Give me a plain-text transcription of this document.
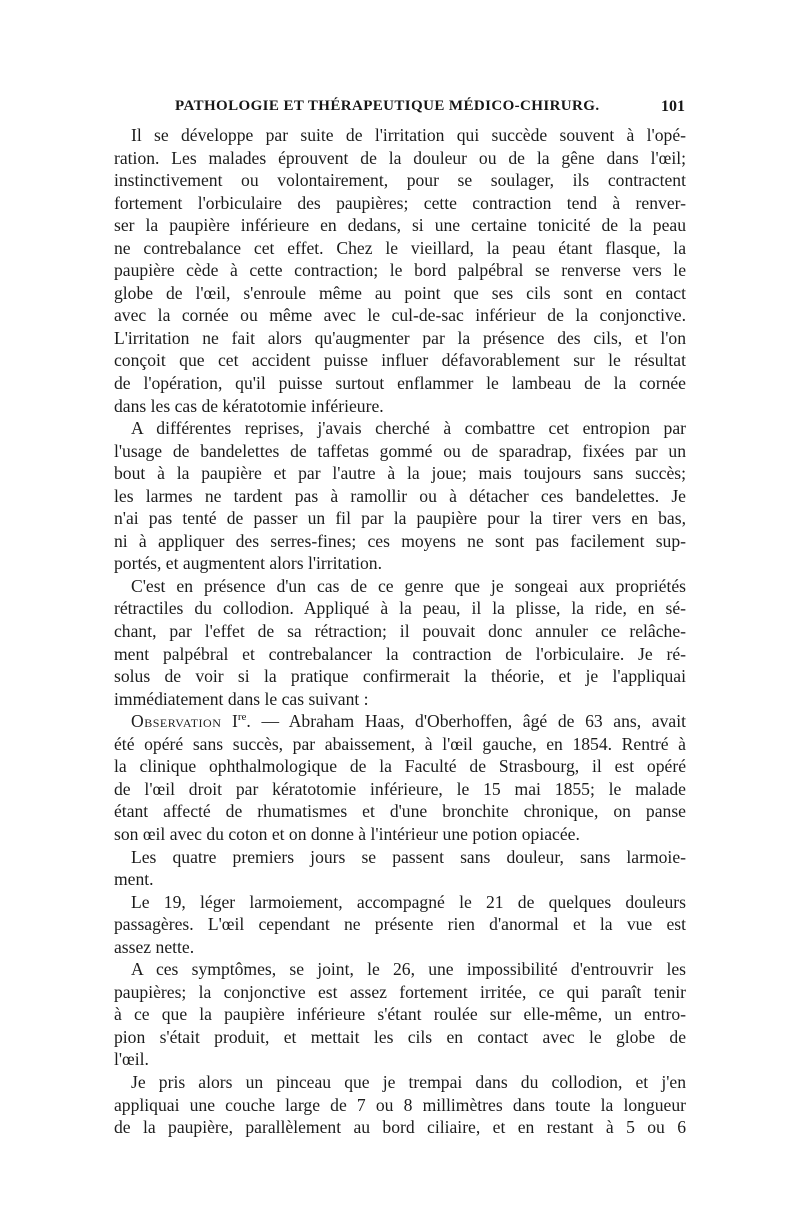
PATHOLOGIE ET THÉRAPEUTIQUE MÉDICO-CHIRURG.	101
Il se développe par suite de l'irritation qui succède souvent à l'opé-
ration. Les malades éprouvent de la douleur ou de la gêne dans l'œil;
instinctivement ou volontairement, pour se soulager, ils contractent
fortement l'orbiculaire des paupières; cette contraction tend à renver-
ser la paupière inférieure en dedans, si une certaine tonicité de la peau
ne contrebalance cet effet. Chez le vieillard, la peau étant flasque, la
paupière cède à cette contraction; le bord palpébral se renverse vers le
globe de l'œil, s'enroule même au point que ses cils sont en contact
avec la cornée ou même avec le cul-de-sac inférieur de la conjonctive.
L'irritation ne fait alors qu'augmenter par la présence des cils, et l'on
conçoit que cet accident puisse influer défavorablement sur le résultat
de l'opération, qu'il puisse surtout enflammer le lambeau de la cornée
dans les cas de kératotomie inférieure.
A différentes reprises, j'avais cherché à combattre cet entropion par
l'usage de bandelettes de taffetas gommé ou de sparadrap, fixées par un
bout à la paupière et par l'autre à la joue; mais toujours sans succès;
les larmes ne tardent pas à ramollir ou à détacher ces bandelettes. Je
n'ai pas tenté de passer un fil par la paupière pour la tirer vers en bas,
ni à appliquer des serres-fines; ces moyens ne sont pas facilement sup-
portés, et augmentent alors l'irritation.
C'est en présence d'un cas de ce genre que je songeai aux propriétés
rétractiles du collodion. Appliqué à la peau, il la plisse, la ride, en sé-
chant, par l'effet de sa rétraction; il pouvait donc annuler ce relâche-
ment palpébral et contrebalancer la contraction de l'orbiculaire. Je ré-
solus de voir si la pratique confirmerait la théorie, et je l'appliquai
immédiatement dans le cas suivant :
Observation Ire. — Abraham Haas, d'Oberhoffen, âgé de 63 ans, avait
été opéré sans succès, par abaissement, à l'œil gauche, en 1854. Rentré à
la clinique ophthalmologique de la Faculté de Strasbourg, il est opéré
de l'œil droit par kératotomie inférieure, le 15 mai 1855; le malade
étant affecté de rhumatismes et d'une bronchite chronique, on panse
son œil avec du coton et on donne à l'intérieur une potion opiacée.
Les quatre premiers jours se passent sans douleur, sans larmoie-
ment.
Le 19, léger larmoiement, accompagné le 21 de quelques douleurs
passagères. L'œil cependant ne présente rien d'anormal et la vue est
assez nette.
A ces symptômes, se joint, le 26, une impossibilité d'entrouvrir les
paupières; la conjonctive est assez fortement irritée, ce qui paraît tenir
à ce que la paupière inférieure s'étant roulée sur elle-même, un entro-
pion s'était produit, et mettait les cils en contact avec le globe de
l'œil.
Je pris alors un pinceau que je trempai dans du collodion, et j'en
appliquai une couche large de 7 ou 8 millimètres dans toute la longueur
de la paupière, parallèlement au bord ciliaire, et en restant à 5 ou 6
